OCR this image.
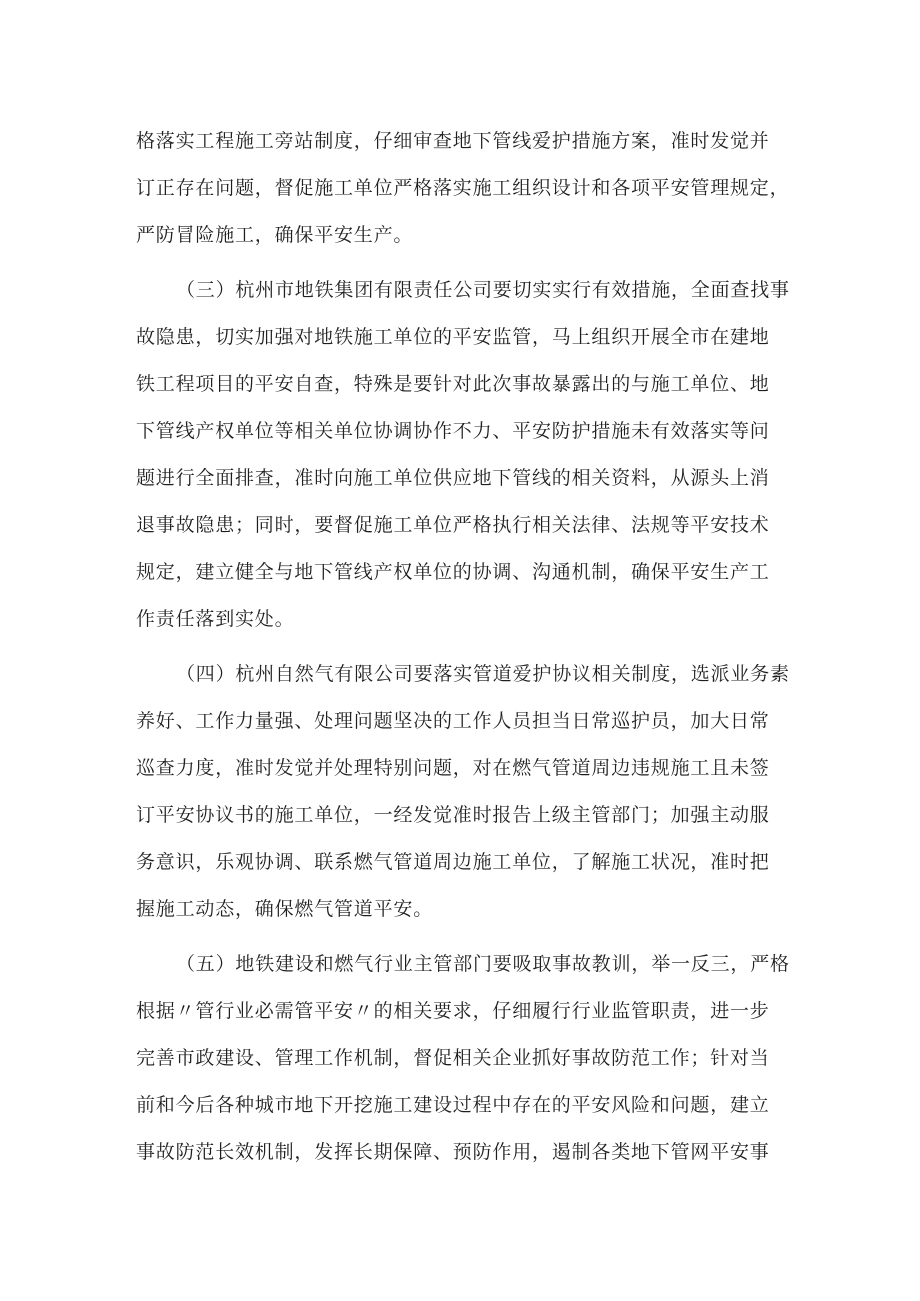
格落实工程施工旁站制度，仔细审查地下管线爱护措施方案，准时发觉并
订正存在问题，督促施工单位严格落实施工组织设计和各项平安管理规定，
严防冒险施工，确保平安生产。
（三）杭州市地铁集团有限责任公司要切实实行有效措施，全面查找事
故隐患，切实加强对地铁施工单位的平安监管，马上组织开展全市在建地
铁工程项目的平安自查，特殊是要针对此次事故暴露出的与施工单位、地
下管线产权单位等相关单位协调协作不力、平安防护措施未有效落实等问
题进行全面排查，准时向施工单位供应地下管线的相关资料，从源头上消
退事故隐患；同时，要督促施工单位严格执行相关法律、法规等平安技术
规定，建立健全与地下管线产权单位的协调、沟通机制，确保平安生产工
作责任落到实处。
（四）杭州自然气有限公司要落实管道爱护协议相关制度，选派业务素
养好、工作力量强、处理问题坚决的工作人员担当日常巡护员，加大日常
巡查力度，准时发觉并处理特别问题，对在燃气管道周边违规施工且未签
订平安协议书的施工单位，一经发觉准时报告上级主管部门；加强主动服
务意识，乐观协调、联系燃气管道周边施工单位，了解施工状况，准时把
握施工动态，确保燃气管道平安。
（五）地铁建设和燃气行业主管部门要吸取事故教训，举一反三，严格
根据〃管行业必需管平安〃的相关要求，仔细履行行业监管职责，进一步
完善市政建设、管理工作机制，督促相关企业抓好事故防范工作；针对当
前和今后各种城市地下开挖施工建设过程中存在的平安风险和问题，建立
事故防范长效机制，发挥长期保障、预防作用，遏制各类地下管网平安事
